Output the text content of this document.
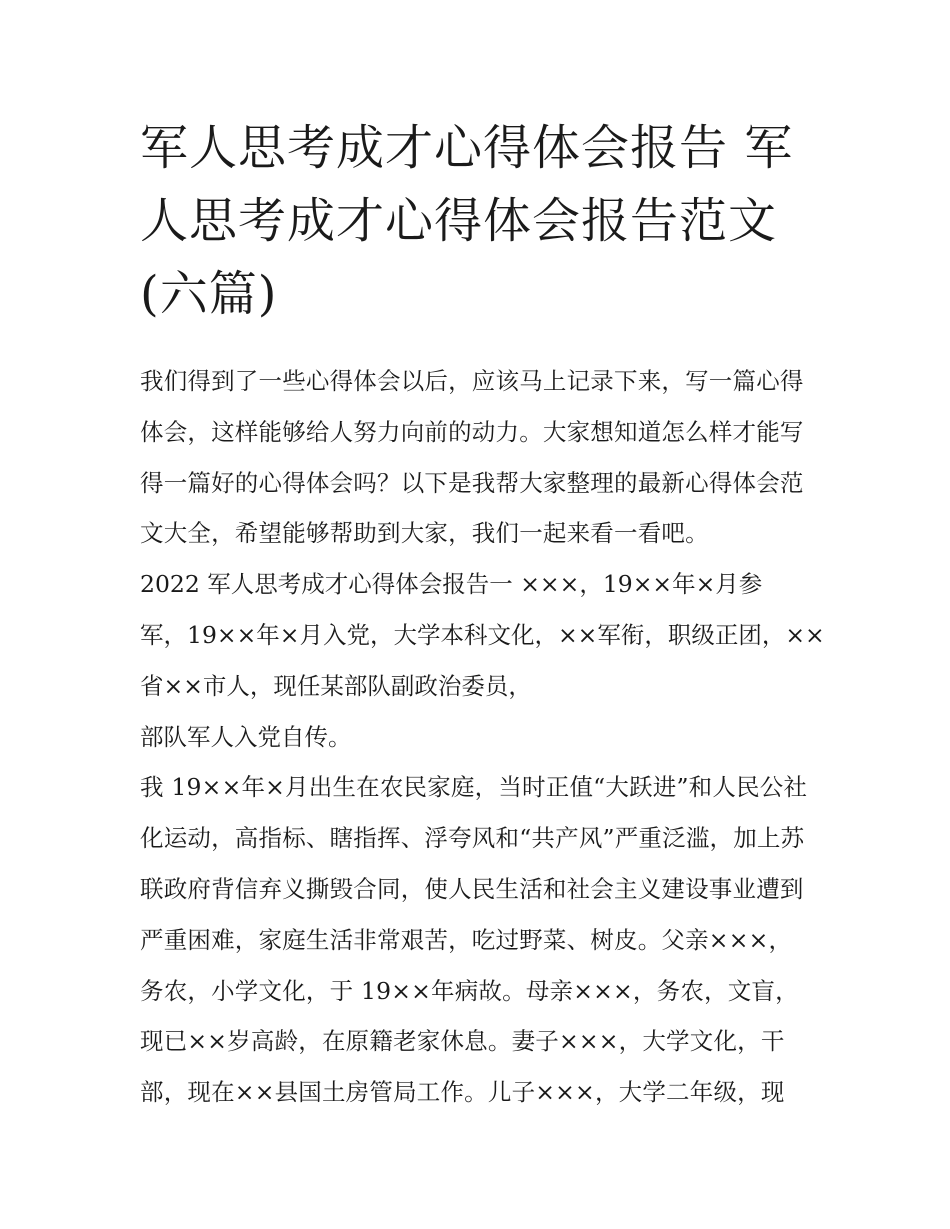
军人思考成才心得体会报告 军人思考成才心得体会报告范文(六篇)

我们得到了一些心得体会以后，应该马上记录下来，写一篇心得体会，这样能够给人努力向前的动力。大家想知道怎么样才能写得一篇好的心得体会吗？以下是我帮大家整理的最新心得体会范文大全，希望能够帮助到大家，我们一起来看一看吧。

2022 军人思考成才心得体会报告一 ×××，19××年×月参
军，19××年×月入党，大学本科文化，××军衔，职级正团，××
省××市人，现任某部队副政治委员，
部队军人入党自传。

我 19××年×月出生在农民家庭，当时正值“大跃进”和人民公社化运动，高指标、瞎指挥、浮夸风和“共产风”严重泛滥，加上苏联政府背信弃义撕毁合同，使人民生活和社会主义建设事业遭到严重困难，家庭生活非常艰苦，吃过野菜、树皮。父亲×××，务农，小学文化，于 19××年病故。母亲×××，务农，文盲，现已××岁高龄，在原籍老家休息。妻子×××，大学文化，干部，现在××县国土房管局工作。儿子×××，大学二年级，现
